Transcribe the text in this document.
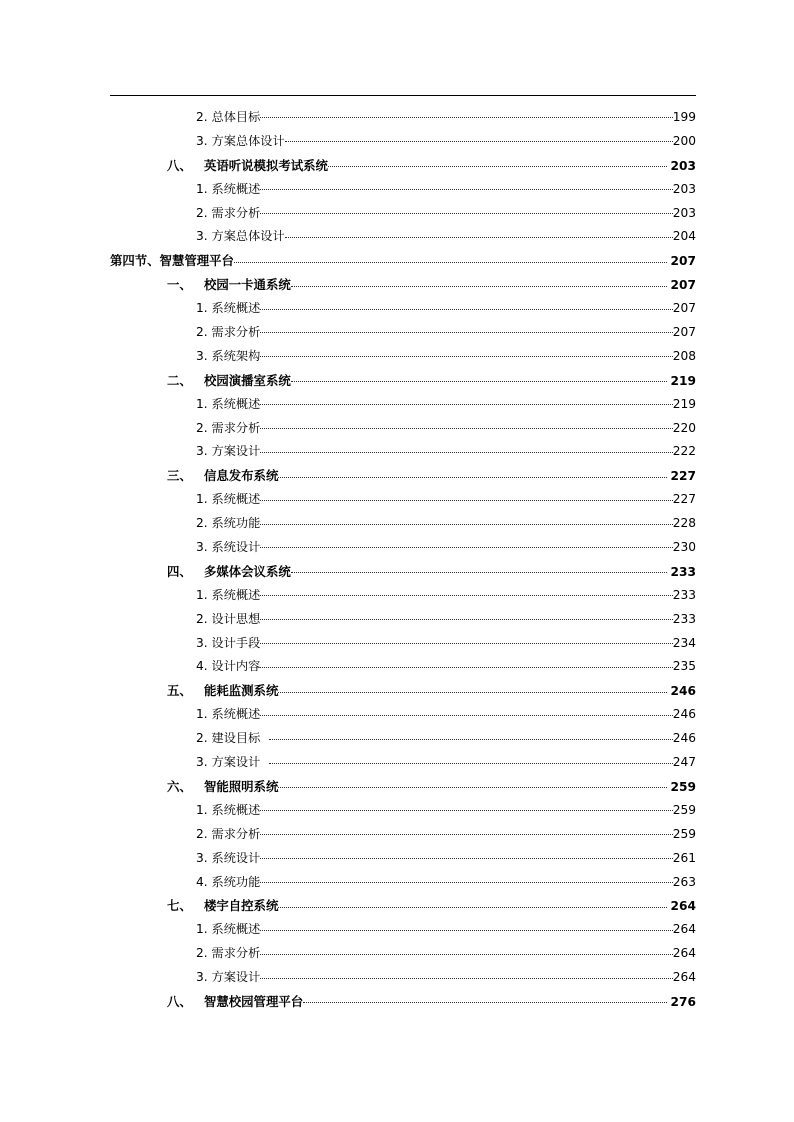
2. 总体目标	199
3. 方案总体设计	200
八、 英语听说模拟考试系统	203
1. 系统概述	203
2. 需求分析	203
3. 方案总体设计	204
第四节、智慧管理平台	207
一、 校园一卡通系统	207
1. 系统概述	207
2. 需求分析	207
3. 系统架构	208
二、 校园演播室系统	219
1. 系统概述	219
2. 需求分析	220
3. 方案设计	222
三、 信息发布系统	227
1. 系统概述	227
2. 系统功能	228
3. 系统设计	230
四、 多媒体会议系统	233
1. 系统概述	233
2. 设计思想	233
3. 设计手段	234
4. 设计内容	235
五、 能耗监测系统	246
1. 系统概述	246
2. 建设目标	246
3. 方案设计	247
六、 智能照明系统	259
1. 系统概述	259
2. 需求分析	259
3. 系统设计	261
4. 系统功能	263
七、 楼宇自控系统	264
1. 系统概述	264
2. 需求分析	264
3. 方案设计	264
八、 智慧校园管理平台	276
